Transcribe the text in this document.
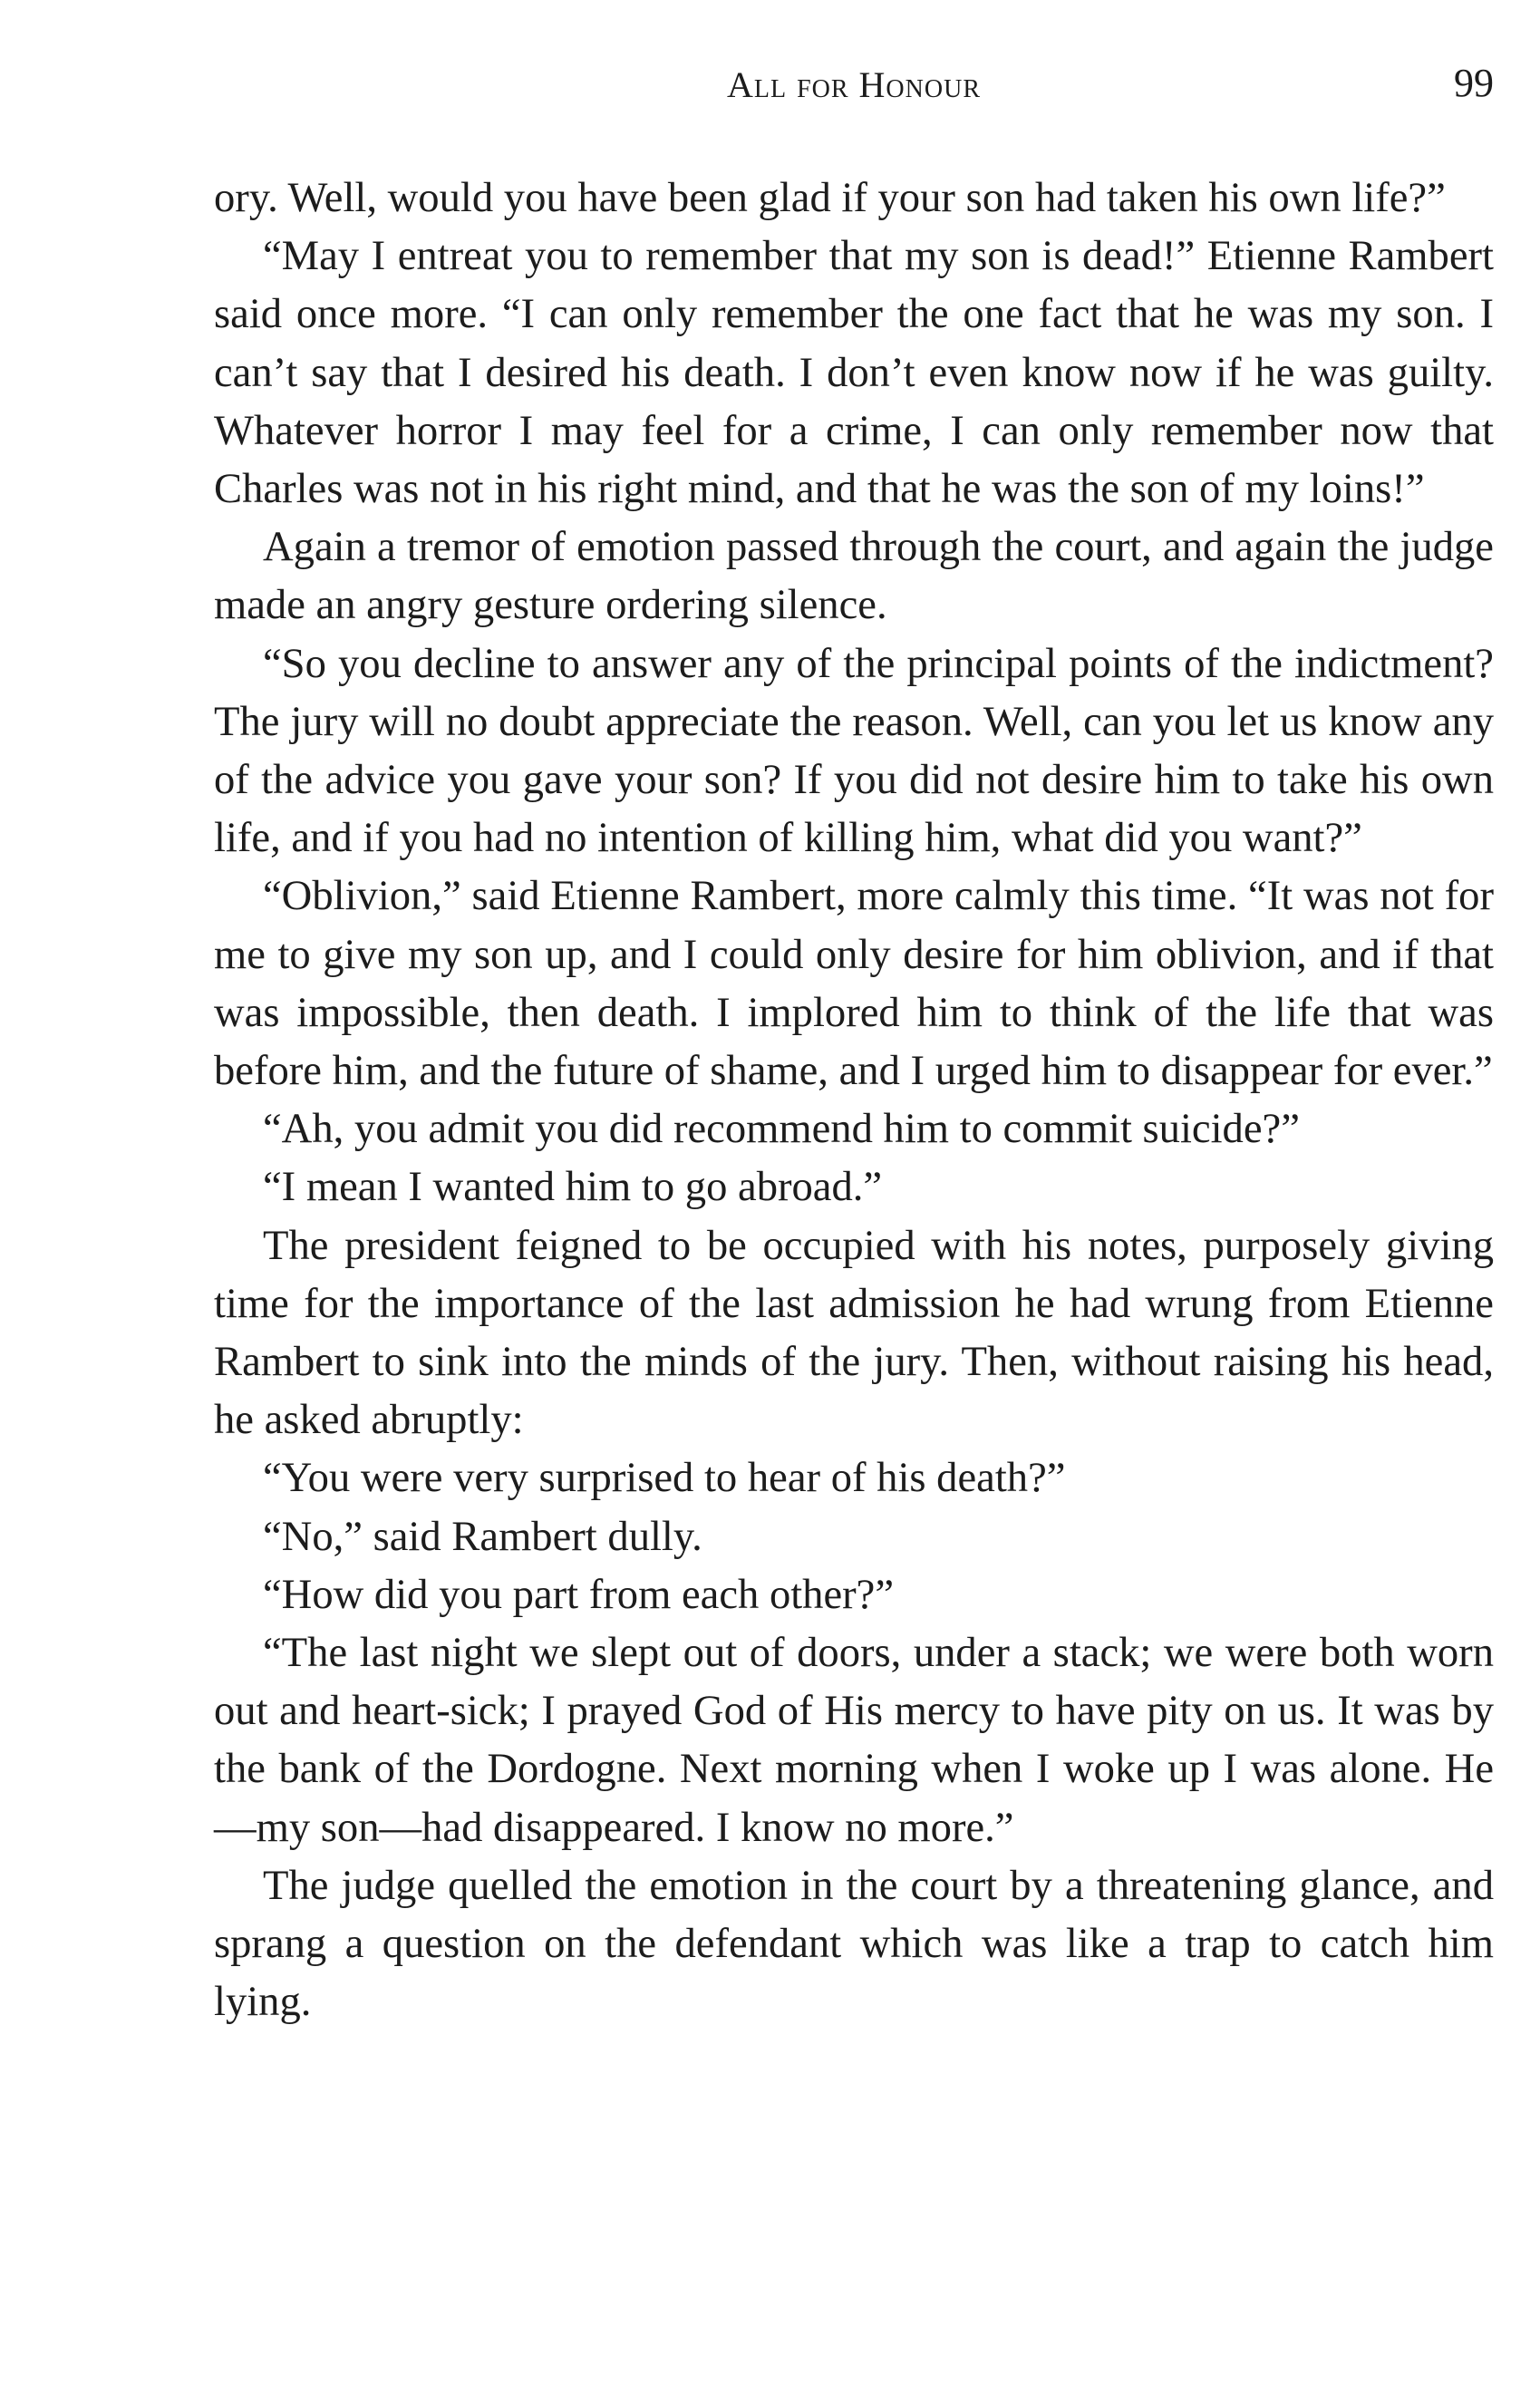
All for Honour	99

ory. Well, would you have been glad if your son had taken his own life?”

“May I entreat you to remember that my son is dead!” Etienne Rambert said once more. “I can only remember the one fact that he was my son. I can’t say that I desired his death. I don’t even know now if he was guilty. Whatever horror I may feel for a crime, I can only remember now that Charles was not in his right mind, and that he was the son of my loins!”

Again a tremor of emotion passed through the court, and again the judge made an angry gesture ordering silence.

“So you decline to answer any of the principal points of the indictment? The jury will no doubt appreciate the reason. Well, can you let us know any of the advice you gave your son? If you did not desire him to take his own life, and if you had no intention of killing him, what did you want?”

“Oblivion,” said Etienne Rambert, more calmly this time. “It was not for me to give my son up, and I could only desire for him oblivion, and if that was impossible, then death. I implored him to think of the life that was before him, and the future of shame, and I urged him to disappear for ever.”

“Ah, you admit you did recommend him to commit suicide?”

“I mean I wanted him to go abroad.”

The president feigned to be occupied with his notes, purposely giving time for the importance of the last admission he had wrung from Etienne Rambert to sink into the minds of the jury. Then, without raising his head, he asked abruptly:

“You were very surprised to hear of his death?”

“No,” said Rambert dully.

“How did you part from each other?”

“The last night we slept out of doors, under a stack; we were both worn out and heart-sick; I prayed God of His mercy to have pity on us. It was by the bank of the Dordogne. Next morning when I woke up I was alone. He—my son—had disappeared. I know no more.”

The judge quelled the emotion in the court by a threatening glance, and sprang a question on the defendant which was like a trap to catch him lying.
